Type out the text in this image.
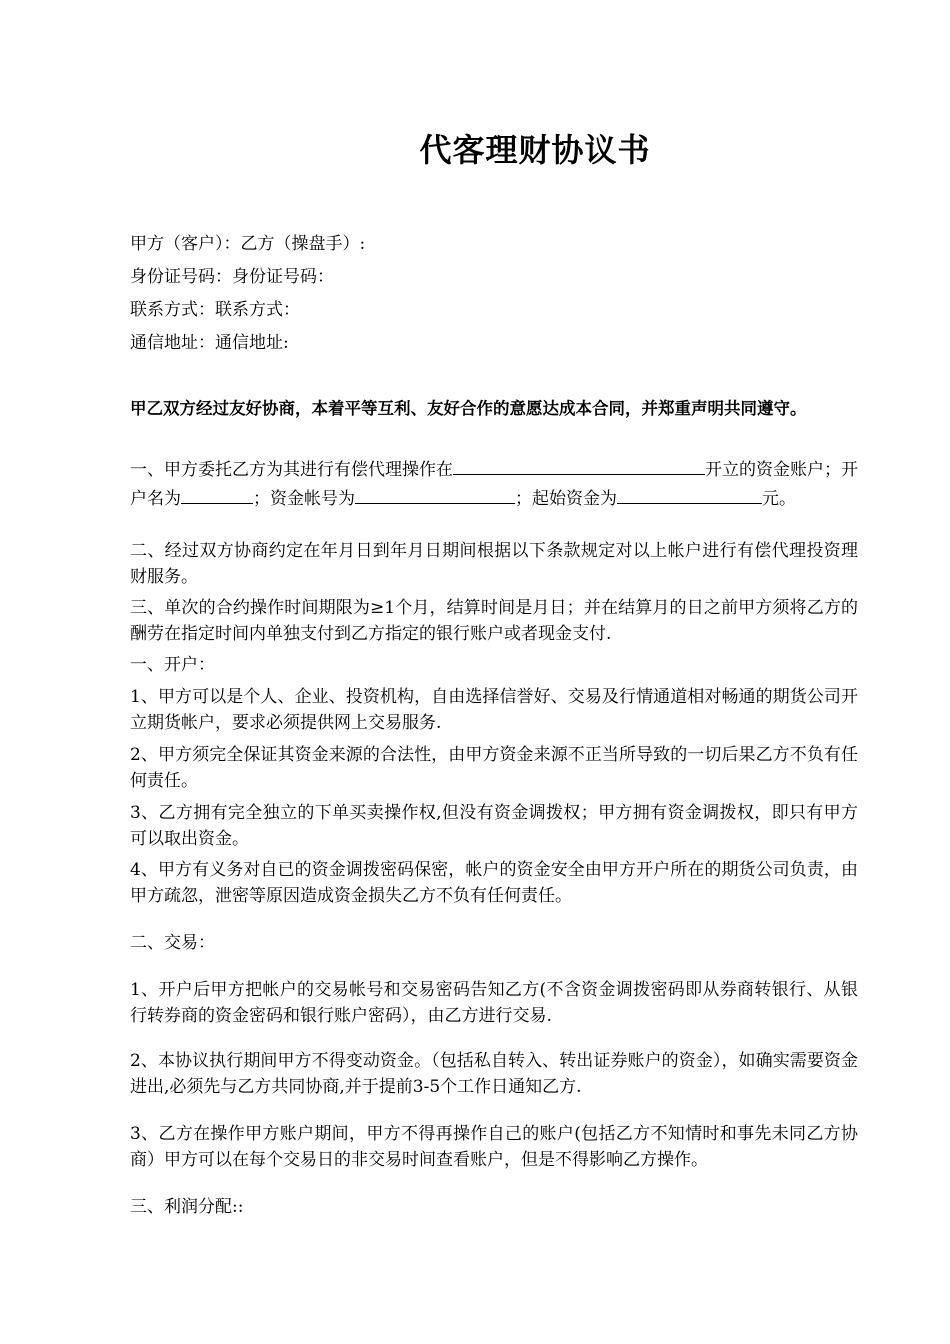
代客理财协议书
甲方（客户）：乙方（操盘手）:
身份证号码：身份证号码：
联系方式：联系方式：
通信地址：通信地址:
甲乙双方经过友好协商，本着平等互利、友好合作的意愿达成本合同，并郑重声明共同遵守。
一、甲方委托乙方为其进行有偿代理操作在	开立的资金账户；开户名为	；资金帐号为	；起始资金为	元。
二、经过双方协商约定在年月日到年月日期间根据以下条款规定对以上帐户进行有偿代理投资理财服务。
三、单次的合约操作时间期限为≥1个月，结算时间是月日；并在结算月的日之前甲方须将乙方的酬劳在指定时间内单独支付到乙方指定的银行账户或者现金支付.
一、开户：
1、甲方可以是个人、企业、投资机构，自由选择信誉好、交易及行情通道相对畅通的期货公司开立期货帐户，要求必须提供网上交易服务.
2、甲方须完全保证其资金来源的合法性，由甲方资金来源不正当所导致的一切后果乙方不负有任何责任。
3、乙方拥有完全独立的下单买卖操作权,但没有资金调拨权；甲方拥有资金调拨权，即只有甲方可以取出资金。
4、甲方有义务对自已的资金调拨密码保密，帐户的资金安全由甲方开户所在的期货公司负责，由甲方疏忽，泄密等原因造成资金损失乙方不负有任何责任。
二、交易：
1、开户后甲方把帐户的交易帐号和交易密码告知乙方(不含资金调拨密码即从券商转银行、从银行转券商的资金密码和银行账户密码），由乙方进行交易.
2、本协议执行期间甲方不得变动资金。（包括私自转入、转出证券账户的资金），如确实需要资金进出,必须先与乙方共同协商,并于提前3-5个工作日通知乙方.
3、乙方在操作甲方账户期间，甲方不得再操作自己的账户(包括乙方不知情时和事先未同乙方协商）甲方可以在每个交易日的非交易时间查看账户，但是不得影响乙方操作。
三、利润分配::
